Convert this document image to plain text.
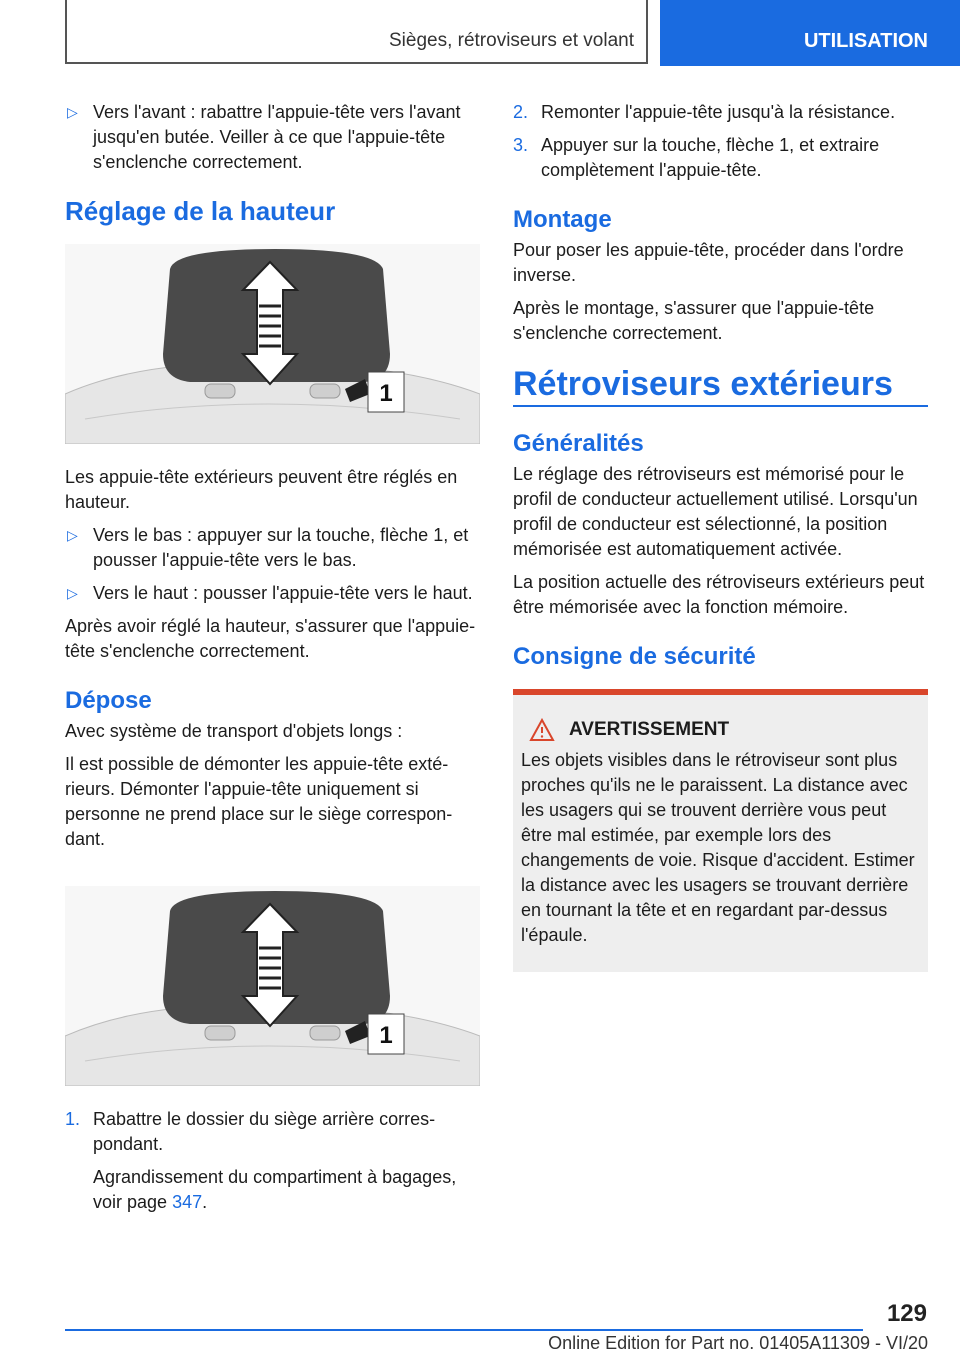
Sièges, rétroviseurs et volant	UTILISATION
▷ Vers l'avant : rabattre l'appuie-tête vers l'avant jusqu'en butée. Veiller à ce que l'appuie-tête s'enclenche correctement.
Réglage de la hauteur
1

Les appuie-tête extérieurs peuvent être réglés en hauteur.

▷ Vers le bas : appuyer sur la touche, flèche 1, et pousser l'appuie-tête vers le bas.
▷ Vers le haut : pousser l'appuie-tête vers le haut.

Après avoir réglé la hauteur, s'assurer que l'appuie-tête s'enclenche correctement.

Dépose

Avec système de transport d'objets longs :

Il est possible de démonter les appuie-tête extérieurs. Démonter l'appuie-tête uniquement si personne ne prend place sur le siège correspondant.

1
1. Rabattre le dossier du siège arrière correspondant.
Agrandissement du compartiment à bagages, voir page 347.
2. Remonter l'appuie-tête jusqu'à la résistance.
3. Appuyer sur la touche, flèche 1, et extraire complètement l'appuie-tête.
Montage

Pour poser les appuie-tête, procéder dans l'ordre inverse.

Après le montage, s'assurer que l'appuie-tête s'enclenche correctement.

Rétroviseurs extérieurs
Généralités

Le réglage des rétroviseurs est mémorisé pour le profil de conducteur actuellement utilisé. Lorsqu'un profil de conducteur est sélectionné, la position mémorisée est automatiquement activée.

La position actuelle des rétroviseurs extérieurs peut être mémorisée avec la fonction mémoire.

Consigne de sécurité
AVERTISSEMENT

Les objets visibles dans le rétroviseur sont plus proches qu'ils ne le paraissent. La distance avec les usagers qui se trouvent derrière vous peut être mal estimée, par exemple lors des changements de voie. Risque d'accident. Estimer la distance avec les usagers se trouvant derrière en tournant la tête et en regardant par-dessus l'épaule.

129
Online Edition for Part no. 01405A11309 - VI/20
